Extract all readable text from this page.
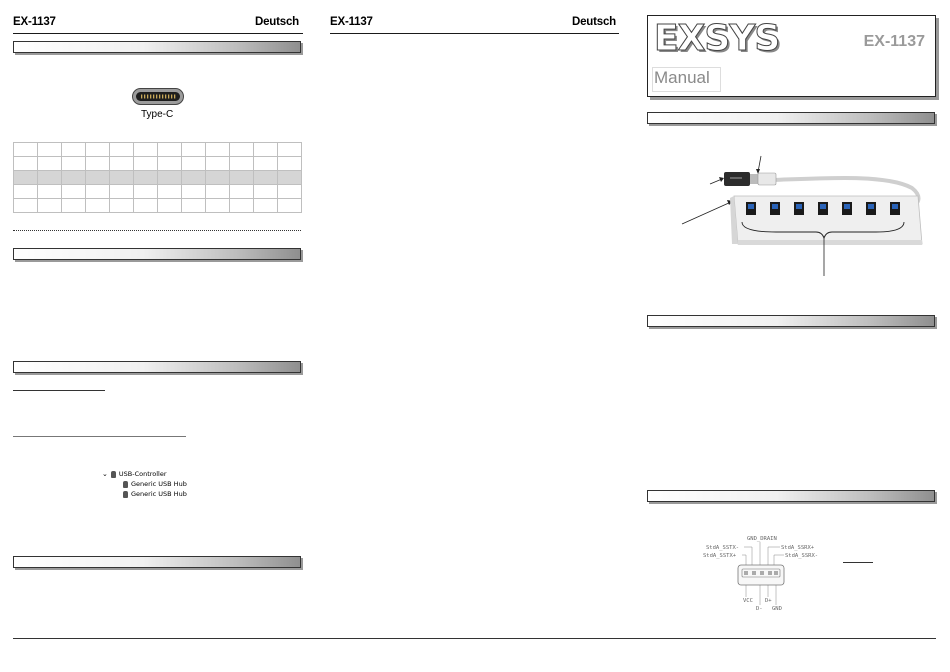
EX-1137	Deutsch
Type-C

⌄ USB-Controller
Generic USB Hub
Generic USB Hub
EX-1137	Deutsch EXSYS
Manual
EX-1137
GND_DRAIN
StdA_SSTX-
StdA_SSTX+
StdA_SSRX+
StdA_SSRX-
VCC D+
D- GND
